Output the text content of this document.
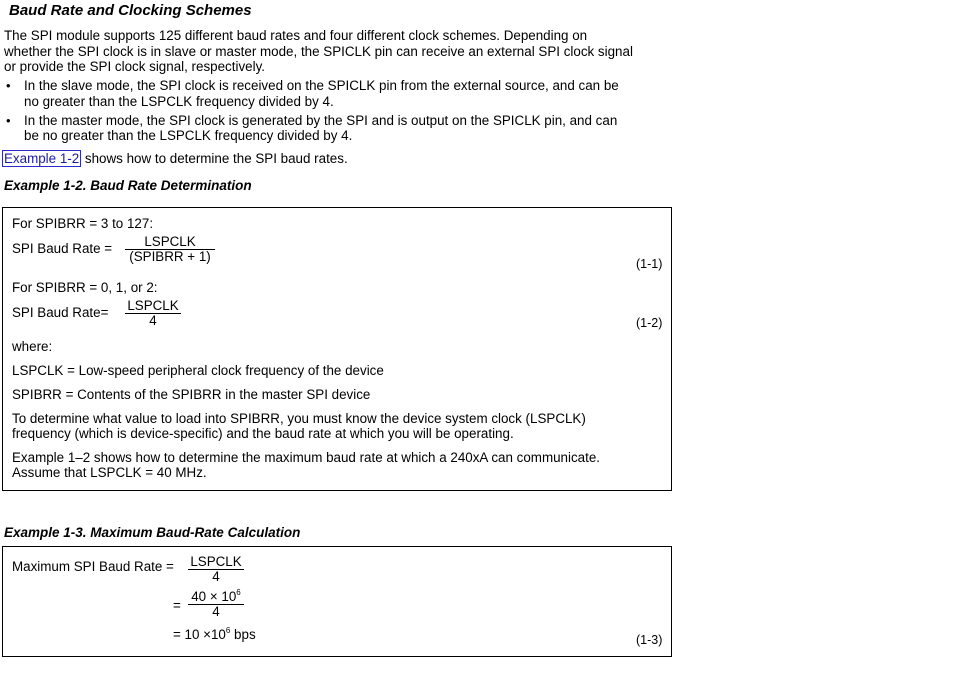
Baud Rate and Clocking Schemes
The SPI module supports 125 different baud rates and four different clock schemes. Depending on
whether the SPI clock is in slave or master mode, the SPICLK pin can receive an external SPI clock signal
or provide the SPI clock signal, respectively.
• In the slave mode, the SPI clock is received on the SPICLK pin from the external source, and can be
no greater than the LSPCLK frequency divided by 4.
• In the master mode, the SPI clock is generated by the SPI and is output on the SPICLK pin, and can
be no greater than the LSPCLK frequency divided by 4.
Example 1-2 shows how to determine the SPI baud rates.
Example 1-2. Baud Rate Determination
For SPIBRR = 3 to 127:
SPI Baud Rate =	LSPCLK
(SPIBRR + 1)	(1-1)
For SPIBRR = 0, 1, or 2:
SPI Baud Rate= LSPCLK
4	(1-2)
where:
LSPCLK = Low-speed peripheral clock frequency of the device
SPIBRR = Contents of the SPIBRR in the master SPI device
To determine what value to load into SPIBRR, you must know the device system clock (LSPCLK)
frequency (which is device-specific) and the baud rate at which you will be operating.
Example 1–2 shows how to determine the maximum baud rate at which a 240xA can communicate.
Assume that LSPCLK = 40 MHz.
Example 1-3. Maximum Baud-Rate Calculation
Maximum SPI Baud Rate = LSPCLK
4
= $\frac{40 \times 10^6}{4}$
= $10 \times 10^6$ bps	(1-3)
